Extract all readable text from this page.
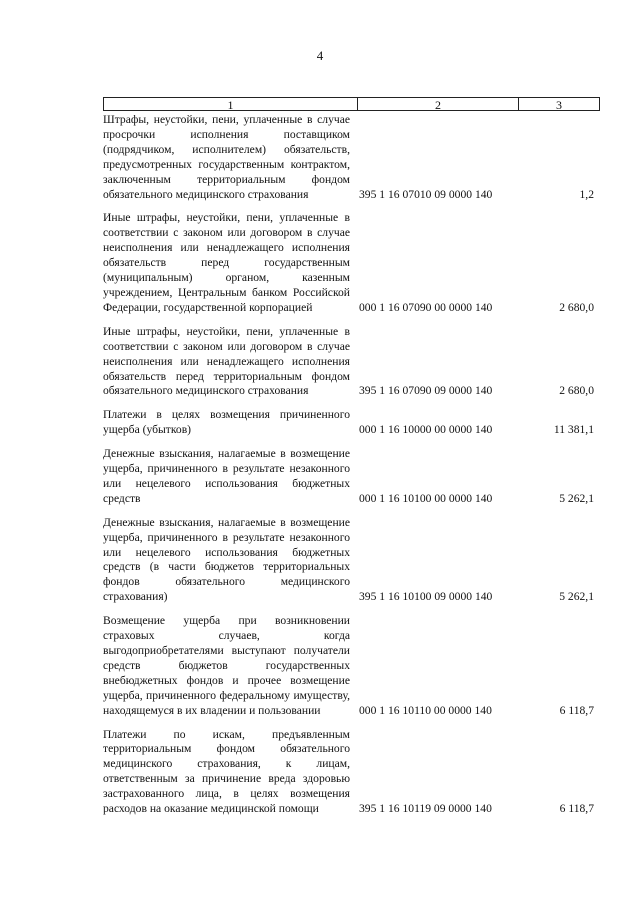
4
1	2	3
Штрафы, неустойки, пени, уплаченные в случае просрочки исполнения поставщиком (подрядчиком, исполнителем) обязательств, предусмотренных государственным контрактом, заключенным территориальным фондом обязательного медицинского страхования	395 1 16 07010 09 0000 140	1,2
Иные штрафы, неустойки, пени, уплаченные в соответствии с законом или договором в случае неисполнения или ненадлежащего исполнения обязательств перед государственным (муниципальным) органом, казенным учреждением, Центральным банком Российской Федерации, государственной корпорацией	000 1 16 07090 00 0000 140	2 680,0
Иные штрафы, неустойки, пени, уплаченные в соответствии с законом или договором в случае неисполнения или ненадлежащего исполнения обязательств перед территориальным фондом обязательного медицинского страхования	395 1 16 07090 09 0000 140	2 680,0
Платежи в целях возмещения причиненного ущерба (убытков)	000 1 16 10000 00 0000 140	11 381,1
Денежные взыскания, налагаемые в возмещение ущерба, причиненного в результате незаконного или нецелевого использования бюджетных средств	000 1 16 10100 00 0000 140	5 262,1
Денежные взыскания, налагаемые в возмещение ущерба, причиненного в результате незаконного или нецелевого использования бюджетных средств (в части бюджетов территориальных фондов обязательного медицинского страхования)	395 1 16 10100 09 0000 140	5 262,1
Возмещение ущерба при возникновении страховых случаев, когда выгодоприобретателями выступают получатели средств бюджетов государственных внебюджетных фондов и прочее возмещение ущерба, причиненного федеральному имуществу, находящемуся в их владении и пользовании	000 1 16 10110 00 0000 140	6 118,7
Платежи по искам, предъявленным территориальным фондом обязательного медицинского страхования, к лицам, ответственным за причинение вреда здоровью застрахованного лица, в целях возмещения расходов на оказание медицинской помощи	395 1 16 10119 09 0000 140	6 118,7
